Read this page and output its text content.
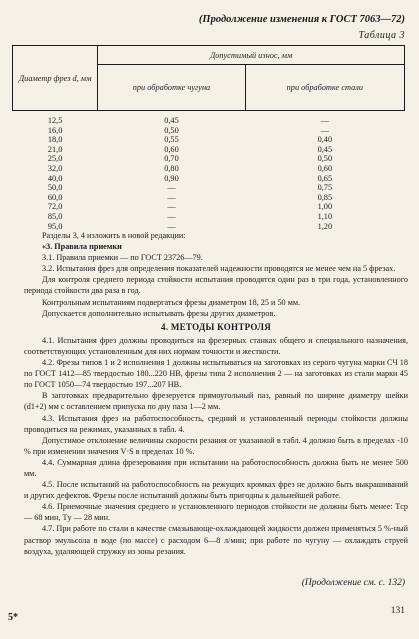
(Продолжение изменения к ГОСТ 7063—72)
Таблица 3
Диаметр фрез d, мм	Допустимый износ, мм	
	при обработке чугуна	при обработке стали

12,5	0,45	—
16,0	0,50	—
18,0	0,55	0,40
21,0	0,60	0,45
25,0	0,70	0,50
32,0	0,80	0,60
40,0	0,90	0,65
50,0	—	0,75
60,0	—	0,85
72,0	—	1,00
85,0	—	1,10
95,0	—	1,20

Разделы 3, 4 изложить в новой редакции:

«3. Правила приемки

3.1. Правила приемки — по ГОСТ 23726—79.

3.2. Испытания фрез для определения показателей надежности проводятся не менее чем на 5 фрезах.

Для контроля среднего периода стойкости испытания проводятся один раз в три года, установленного периода стойкости два раза в год.

Контрольным испытаниям подвергаться фрезы диаметром 18, 25 и 50 мм.

Допускается дополнительно испытывать фрезы других диаметров.

4. МЕТОДЫ КОНТРОЛЯ

4.1. Испытания фрез должны проводиться на фрезерных станках общего и специального назначения, соответствующих установленным для них нормам точности и жесткости.

4.2. Фрезы типов 1 и 2 исполнения 1 должны испытываться на заготовках из серого чугуна марки СЧ 18 по ГОСТ 1412—85 твердостью 180...220 HB, фрезы типа 2 исполнения 2 — на заготовках из стали марки 45 по ГОСТ 1050—74 твердостью 197...207 HB.

В заготовках предварительно фрезеруется прямоугольный паз, равный по ширине диаметру шейки (d1+2) мм с оставлением припуска по дну паза 1—2 мм.

4.3. Испытания фрез на работоспособность, средний и установленный периоды стойкости должны проводиться на режимах, указанных в табл. 4.

Допустимое отклонение величины скорости резания от указанной в табл. 4 должно быть в пределах -10 % при изменении значения V·S в пределах 10 %.

4.4. Суммарная длина фрезерования при испытании на работоспособность должна быть не менее 500 мм.

4.5. После испытаний на работоспособность на режущих кромках фрез не должно быть выкрашиваний и других дефектов. Фрезы после испытаний должны быть пригодны к дальнейшей работе.

4.6. Приемочные значения среднего и установленного периодов стойкости не должны быть менее: Tср — 68 мин, Tу — 28 мин.

4.7. При работе по стали в качестве смазывающе-охлаждающей жидкости должен применяться 5 %-ный раствор эмульсола в воде (по массе) с расходом 6—8 л/мин; при работе по чугуну — охлаждать струей воздуха, удаляющей стружку из зоны резания.

(Продолжение см. с. 132)
5*
131
